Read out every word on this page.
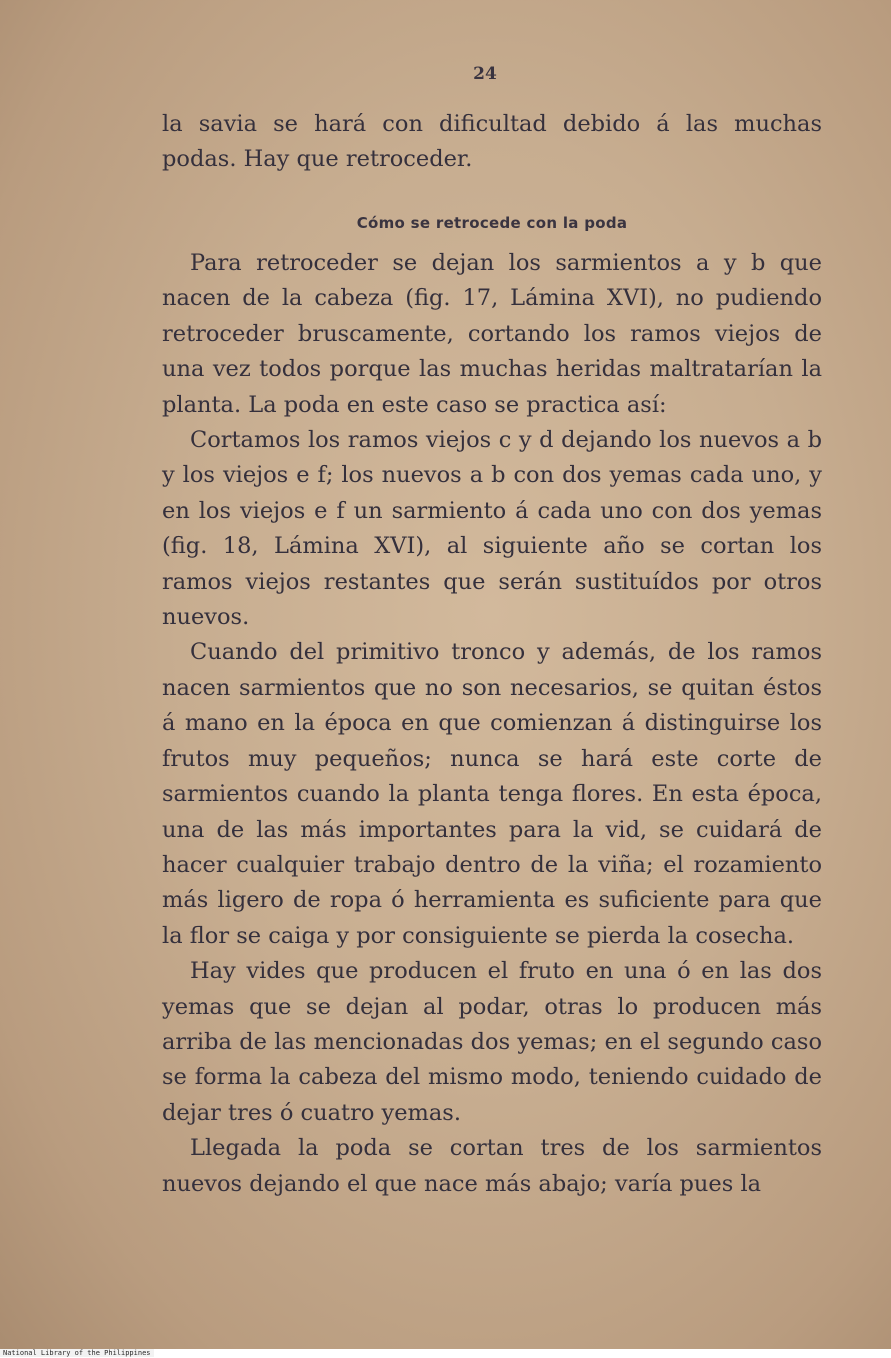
24

la savia se hará con dificultad debido á las muchas podas. Hay que retroceder.

Cómo se retrocede con la poda

Para retroceder se dejan los sarmientos a y b que nacen de la cabeza (fig. 17, Lámina XVI), no pudiendo retroceder bruscamente, cortando los ramos viejos de una vez todos porque las muchas heridas maltratarían la planta. La poda en este caso se practica así:

Cortamos los ramos viejos c y d dejando los nuevos a b y los viejos e f; los nuevos a b con dos yemas cada uno, y en los viejos e f un sarmiento á cada uno con dos yemas (fig. 18, Lámina XVI), al siguiente año se cortan los ramos viejos restantes que serán sustituídos por otros nuevos.

Cuando del primitivo tronco y además, de los ramos nacen sarmientos que no son necesarios, se quitan éstos á mano en la época en que comienzan á distinguirse los frutos muy pequeños; nunca se hará este corte de sarmientos cuando la planta tenga flores. En esta época, una de las más importantes para la vid, se cuidará de hacer cualquier trabajo dentro de la viña; el rozamiento más ligero de ropa ó herramienta es suficiente para que la flor se caiga y por consiguiente se pierda la cosecha.

Hay vides que producen el fruto en una ó en las dos yemas que se dejan al podar, otras lo producen más arriba de las mencionadas dos yemas; en el segundo caso se forma la cabeza del mismo modo, teniendo cuidado de dejar tres ó cuatro yemas.

Llegada la poda se cortan tres de los sarmientos nuevos dejando el que nace más abajo; varía pues la

National Library of the Philippines
